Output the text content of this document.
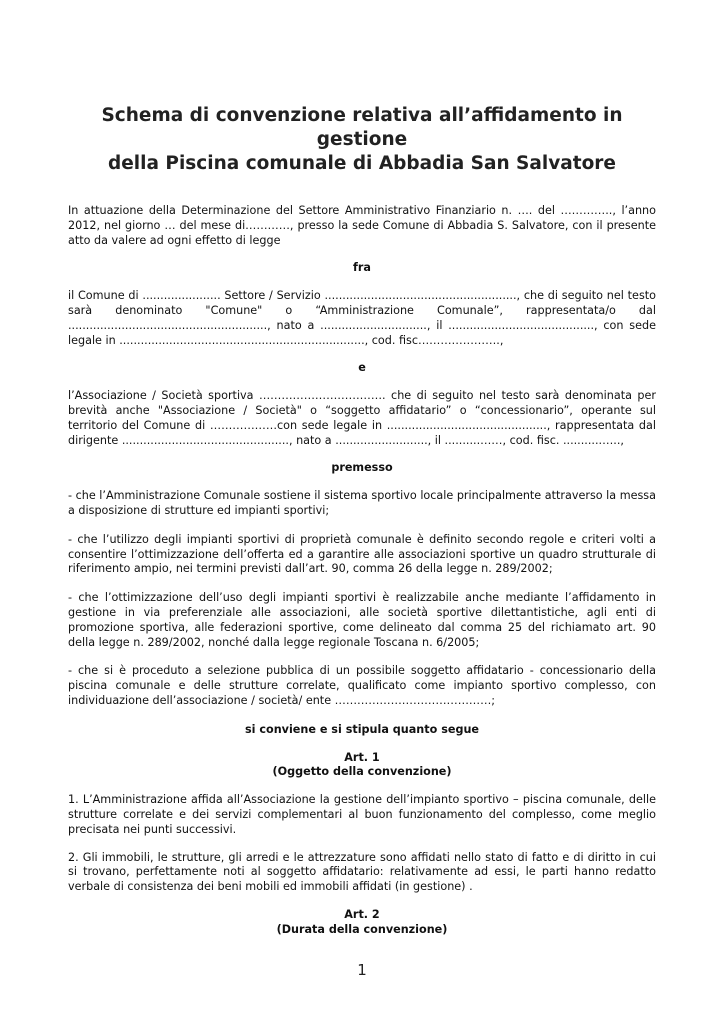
Schema di convenzione relativa all’affidamento in gestione
della Piscina comunale di Abbadia San Salvatore

In attuazione della Determinazione del Settore Amministrativo Finanziario n. …. del ………….., l’anno 2012, nel giorno … del mese di…………, presso la sede Comune di Abbadia S. Salvatore, con il presente atto da valere ad ogni effetto di legge

fra

il Comune di ...................... Settore / Servizio ......................................................, che di seguito nel testo sarà denominato "Comune" o “Amministrazione Comunale”, rappresentata/o dal ........................................................, nato a .............................., il ........................................., con sede legale in ....................................................................., cod. fisc………………….,

e

l’Associazione / Società sportiva ……………………………. che di seguito nel testo sarà denominata per brevità anche "Associazione / Società" o “soggetto affidatario” o “concessionario”, operante sul territorio del Comune di ………………con sede legale in ............................................., rappresentata dal dirigente ..............................................., nato a .........................., il ..........……, cod. fisc. ...........…..,

premesso

- che l’Amministrazione Comunale sostiene il sistema sportivo locale principalmente attraverso la messa a disposizione di strutture ed impianti sportivi;

- che l’utilizzo degli impianti sportivi di proprietà comunale è definito secondo regole e criteri volti a consentire l’ottimizzazione dell’offerta ed a garantire alle associazioni sportive un quadro strutturale di riferimento ampio, nei termini previsti dall’art. 90, comma 26 della legge n. 289/2002;

- che l’ottimizzazione dell’uso degli impianti sportivi è realizzabile anche mediante l’affidamento in gestione in via preferenziale alle associazioni, alle società sportive dilettantistiche, agli enti di promozione sportiva, alle federazioni sportive, come delineato dal comma 25 del richiamato art. 90 della legge n. 289/2002, nonché dalla legge regionale Toscana n. 6/2005;

- che si è proceduto a selezione pubblica di un possibile soggetto affidatario - concessionario della piscina comunale e delle strutture correlate, qualificato come impianto sportivo complesso, con individuazione dell’associazione / società/ ente ……………………………………;

si conviene e si stipula quanto segue
Art. 1
(Oggetto della convenzione)

1. L’Amministrazione affida all’Associazione la gestione dell’impianto sportivo – piscina comunale, delle strutture correlate e dei servizi complementari al buon funzionamento del complesso, come meglio precisata nei punti successivi.

2. Gli immobili, le strutture, gli arredi e le attrezzature sono affidati nello stato di fatto e di diritto in cui si trovano, perfettamente noti al soggetto affidatario: relativamente ad essi, le parti hanno redatto verbale di consistenza dei beni mobili ed immobili affidati (in gestione) .

Art. 2
(Durata della convenzione)
1
